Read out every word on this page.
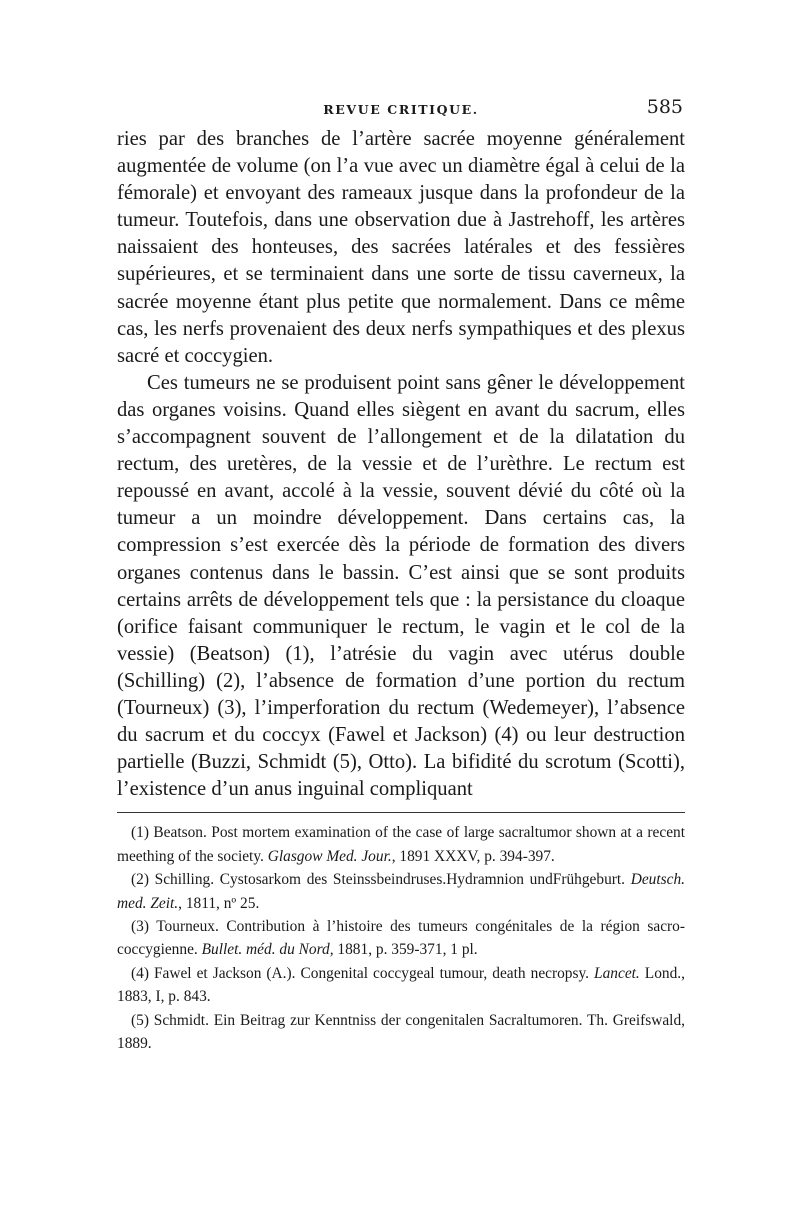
REVUE CRITIQUE.	585

ries par des branches de l’artère sacrée moyenne généralement augmentée de volume (on l’a vue avec un diamètre égal à celui de la fémorale) et envoyant des rameaux jusque dans la profondeur de la tumeur. Toutefois, dans une observation due à Jastrehoff, les artères naissaient des honteuses, des sacrées latérales et des fessières supérieures, et se terminaient dans une sorte de tissu caverneux, la sacrée moyenne étant plus petite que normalement. Dans ce même cas, les nerfs provenaient des deux nerfs sympathiques et des plexus sacré et coccygien.

Ces tumeurs ne se produisent point sans gêner le développement das organes voisins. Quand elles siègent en avant du sacrum, elles s’accompagnent souvent de l’allongement et de la dilatation du rectum, des uretères, de la vessie et de l’urèthre. Le rectum est repoussé en avant, accolé à la vessie, souvent dévié du côté où la tumeur a un moindre développement. Dans certains cas, la compression s’est exercée dès la période de formation des divers organes contenus dans le bassin. C’est ainsi que se sont produits certains arrêts de développement tels que : la persistance du cloaque (orifice faisant communiquer le rectum, le vagin et le col de la vessie) (Beatson) (1), l’atrésie du vagin avec utérus double (Schilling) (2), l’absence de formation d’une portion du rectum (Tourneux) (3), l’imperforation du rectum (Wedemeyer), l’absence du sacrum et du coccyx (Fawel et Jackson) (4) ou leur destruction partielle (Buzzi, Schmidt (5), Otto). La bifidité du scrotum (Scotti), l’existence d’un anus inguinal compliquant

(1) Beatson. Post mortem examination of the case of large sacraltumor shown at a recent meething of the society. Glasgow Med. Jour., 1891 XXXV, p. 394-397.

(2) Schilling. Cystosarkom des Steinssbeindruses.Hydramnion undFrühgeburt. Deutsch. med. Zeit., 1811, nº 25.

(3) Tourneux. Contribution à l’histoire des tumeurs congénitales de la région sacro-coccygienne. Bullet. méd. du Nord, 1881, p. 359-371, 1 pl.

(4) Fawel et Jackson (A.). Congenital coccygeal tumour, death necropsy. Lancet. Lond., 1883, I, p. 843.

(5) Schmidt. Ein Beitrag zur Kenntniss der congenitalen Sacraltumoren. Th. Greifswald, 1889.
